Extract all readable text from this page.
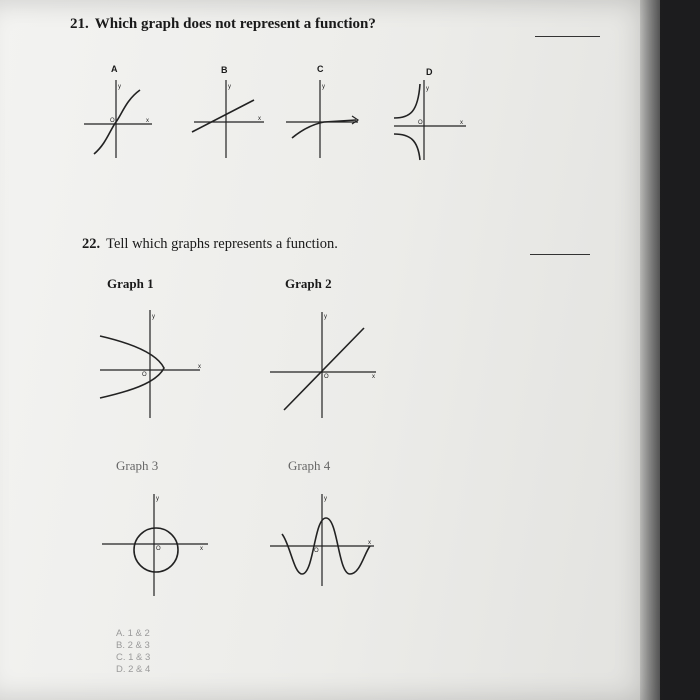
21. Which graph does not represent a function?
A	B	C	D
y
O	x
y
x
y	y
O	x
22. Tell which graphs represents a function.
Graph 1	Graph 2
Graph 3	Graph 4
y
O
x
y
O	x
y
O	x
y
O
x
A. 1 & 2
B. 2 & 3
C. 1 & 3
D. 2 & 4
